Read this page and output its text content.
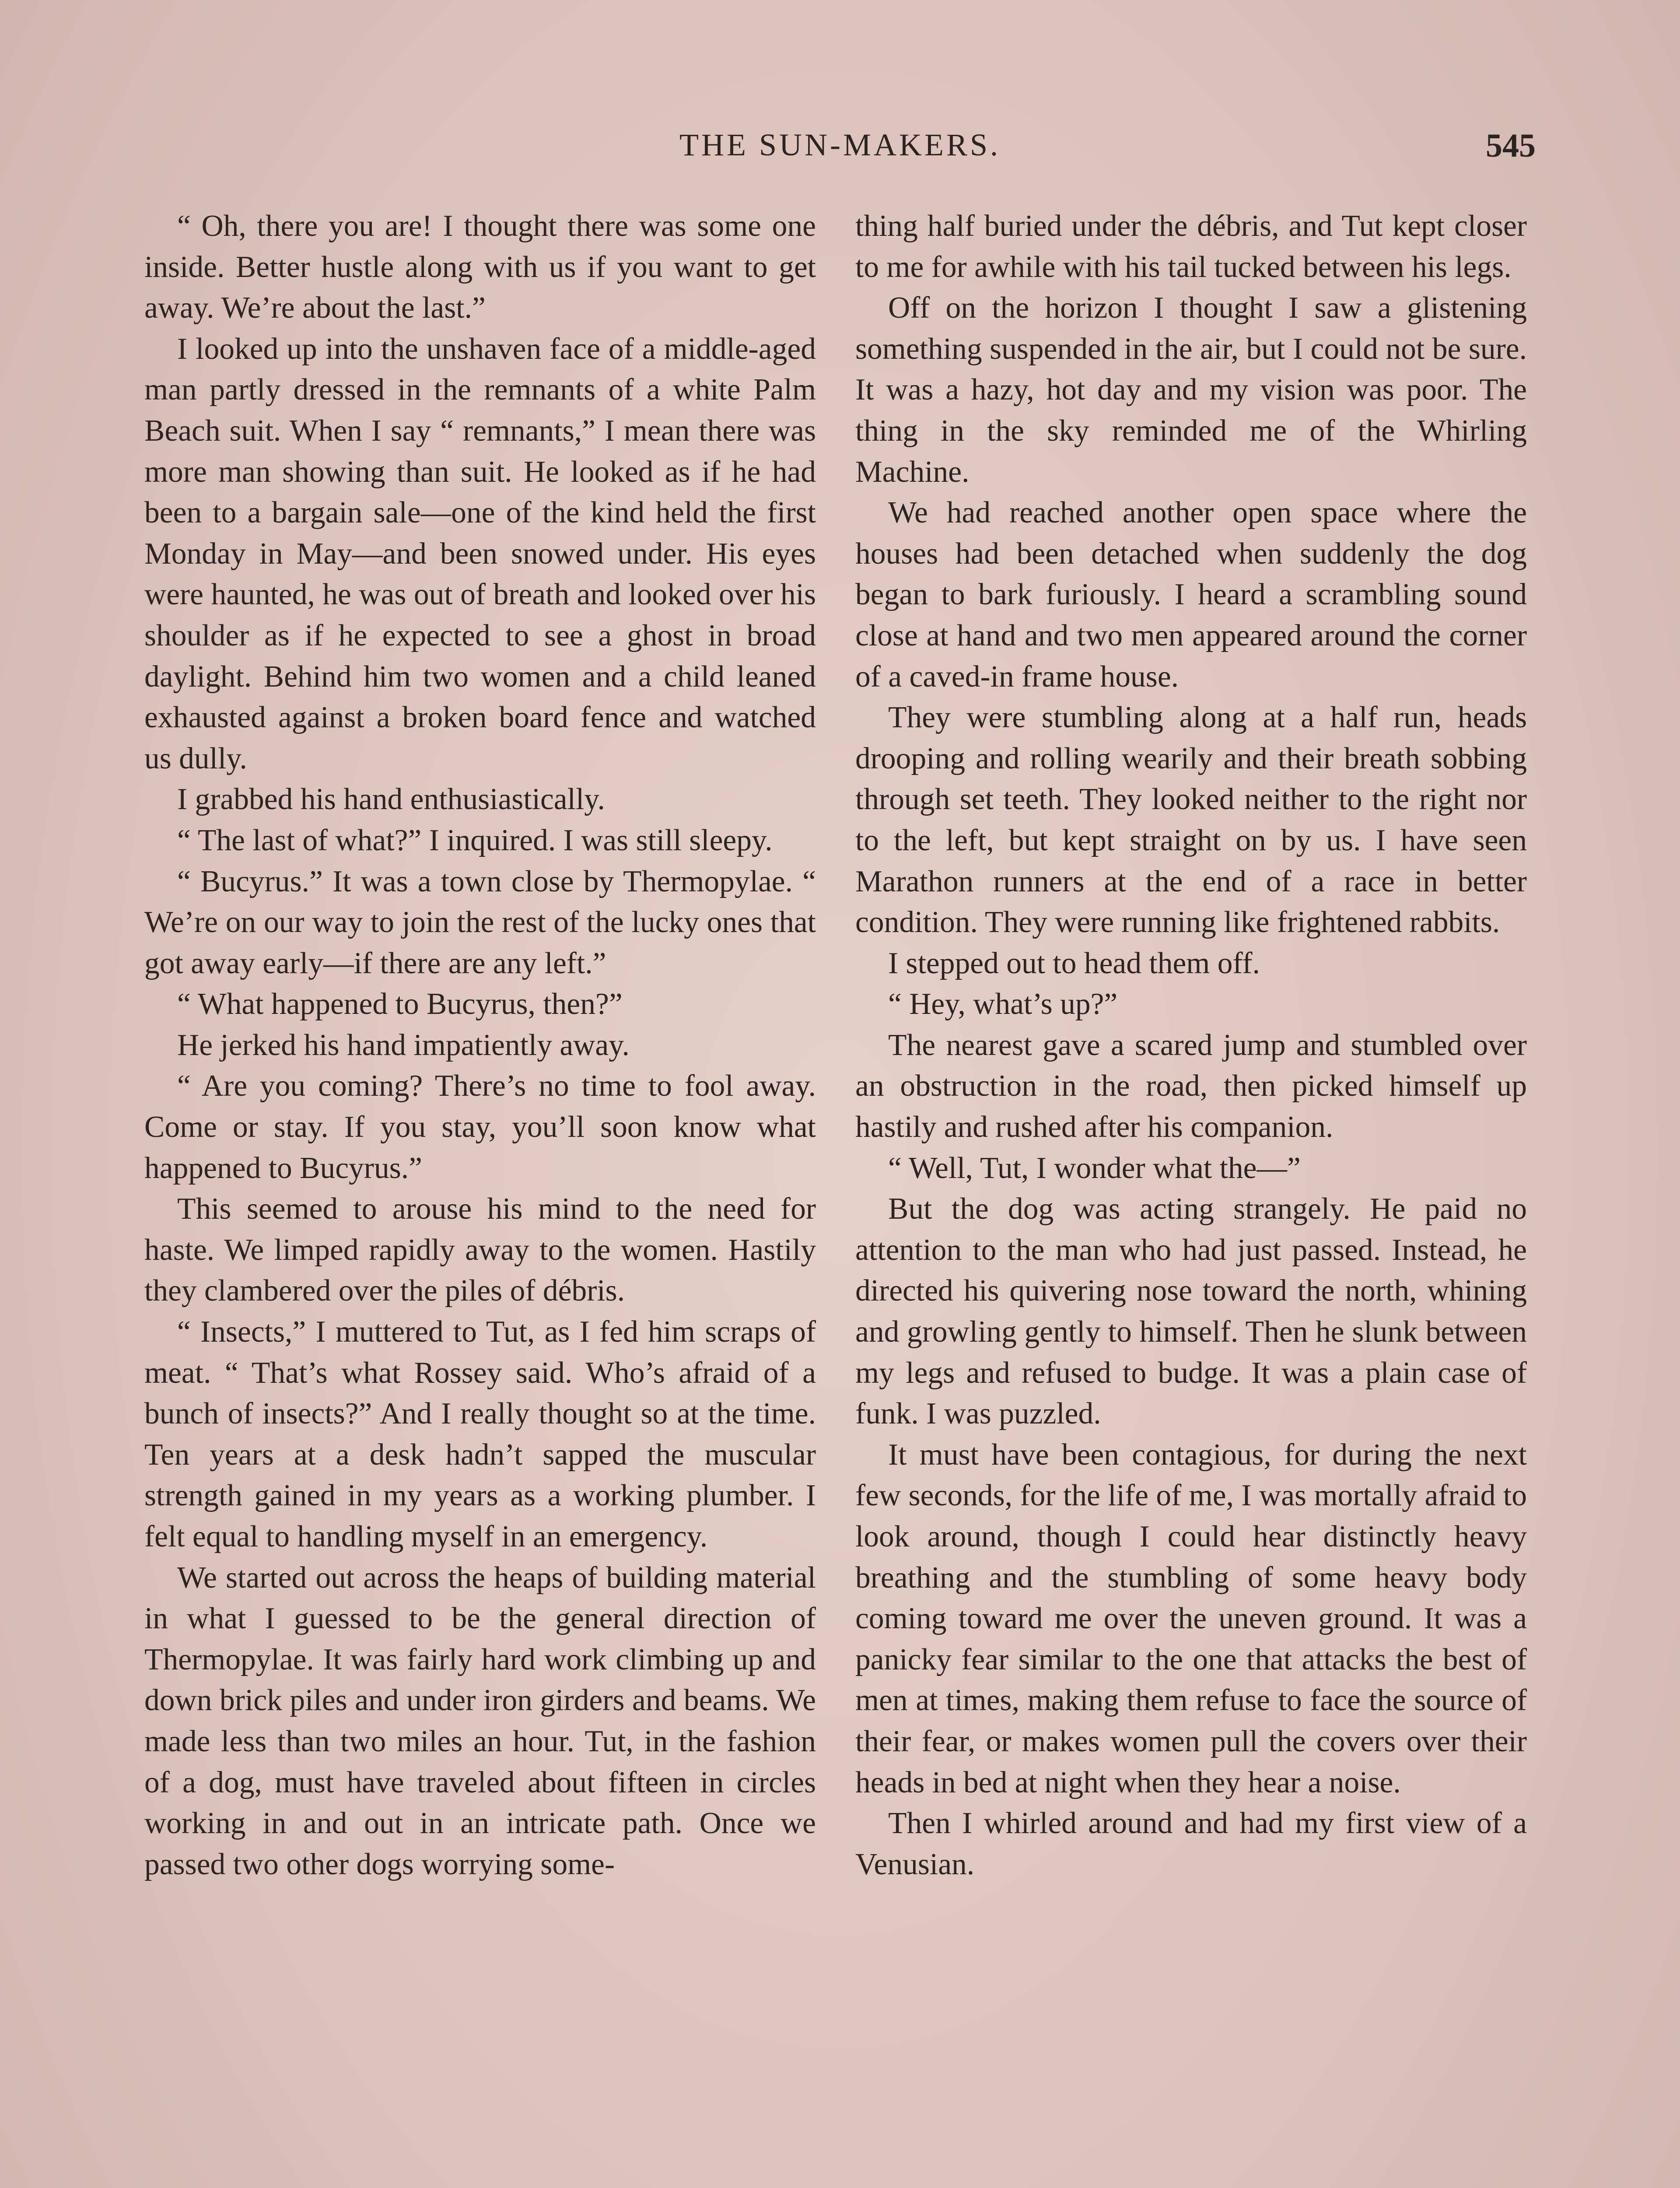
THE SUN-MAKERS.	545

“ Oh, there you are! I thought there was some one inside. Better hustle along with us if you want to get away. We’re about the last.”

I looked up into the unshaven face of a middle-aged man partly dressed in the remnants of a white Palm Beach suit. When I say “ remnants,” I mean there was more man showing than suit. He looked as if he had been to a bargain sale—one of the kind held the first Monday in May—and been snowed under. His eyes were haunted, he was out of breath and looked over his shoulder as if he expected to see a ghost in broad daylight. Behind him two women and a child leaned exhausted against a broken board fence and watched us dully.

I grabbed his hand enthusiastically.

“ The last of what?” I inquired. I was still sleepy.

“ Bucyrus.” It was a town close by Thermopylae. “ We’re on our way to join the rest of the lucky ones that got away early—if there are any left.”

“ What happened to Bucyrus, then?”

He jerked his hand impatiently away.

“ Are you coming? There’s no time to fool away. Come or stay. If you stay, you’ll soon know what happened to Bucyrus.”

This seemed to arouse his mind to the need for haste. We limped rapidly away to the women. Hastily they clambered over the piles of débris.

“ Insects,” I muttered to Tut, as I fed him scraps of meat. “ That’s what Rossey said. Who’s afraid of a bunch of insects?” And I really thought so at the time. Ten years at a desk hadn’t sapped the muscular strength gained in my years as a working plumber. I felt equal to handling myself in an emergency.

We started out across the heaps of building material in what I guessed to be the general direction of Thermopylae. It was fairly hard work climbing up and down brick piles and under iron girders and beams. We made less than two miles an hour. Tut, in the fashion of a dog, must have traveled about fifteen in circles working in and out in an intricate path. Once we passed two other dogs worrying some-

thing half buried under the débris, and Tut kept closer to me for awhile with his tail tucked between his legs.

Off on the horizon I thought I saw a glistening something suspended in the air, but I could not be sure. It was a hazy, hot day and my vision was poor. The thing in the sky reminded me of the Whirling Machine.

We had reached another open space where the houses had been detached when suddenly the dog began to bark furiously. I heard a scrambling sound close at hand and two men appeared around the corner of a caved-in frame house.

They were stumbling along at a half run, heads drooping and rolling wearily and their breath sobbing through set teeth. They looked neither to the right nor to the left, but kept straight on by us. I have seen Marathon runners at the end of a race in better condition. They were running like frightened rabbits.

I stepped out to head them off.

“ Hey, what’s up?”

The nearest gave a scared jump and stumbled over an obstruction in the road, then picked himself up hastily and rushed after his companion.

“ Well, Tut, I wonder what the—”

But the dog was acting strangely. He paid no attention to the man who had just passed. Instead, he directed his quivering nose toward the north, whining and growling gently to himself. Then he slunk between my legs and refused to budge. It was a plain case of funk. I was puzzled.

It must have been contagious, for during the next few seconds, for the life of me, I was mortally afraid to look around, though I could hear distinctly heavy breathing and the stumbling of some heavy body coming toward me over the uneven ground. It was a panicky fear similar to the one that attacks the best of men at times, making them refuse to face the source of their fear, or makes women pull the covers over their heads in bed at night when they hear a noise.

Then I whirled around and had my first view of a Venusian.
